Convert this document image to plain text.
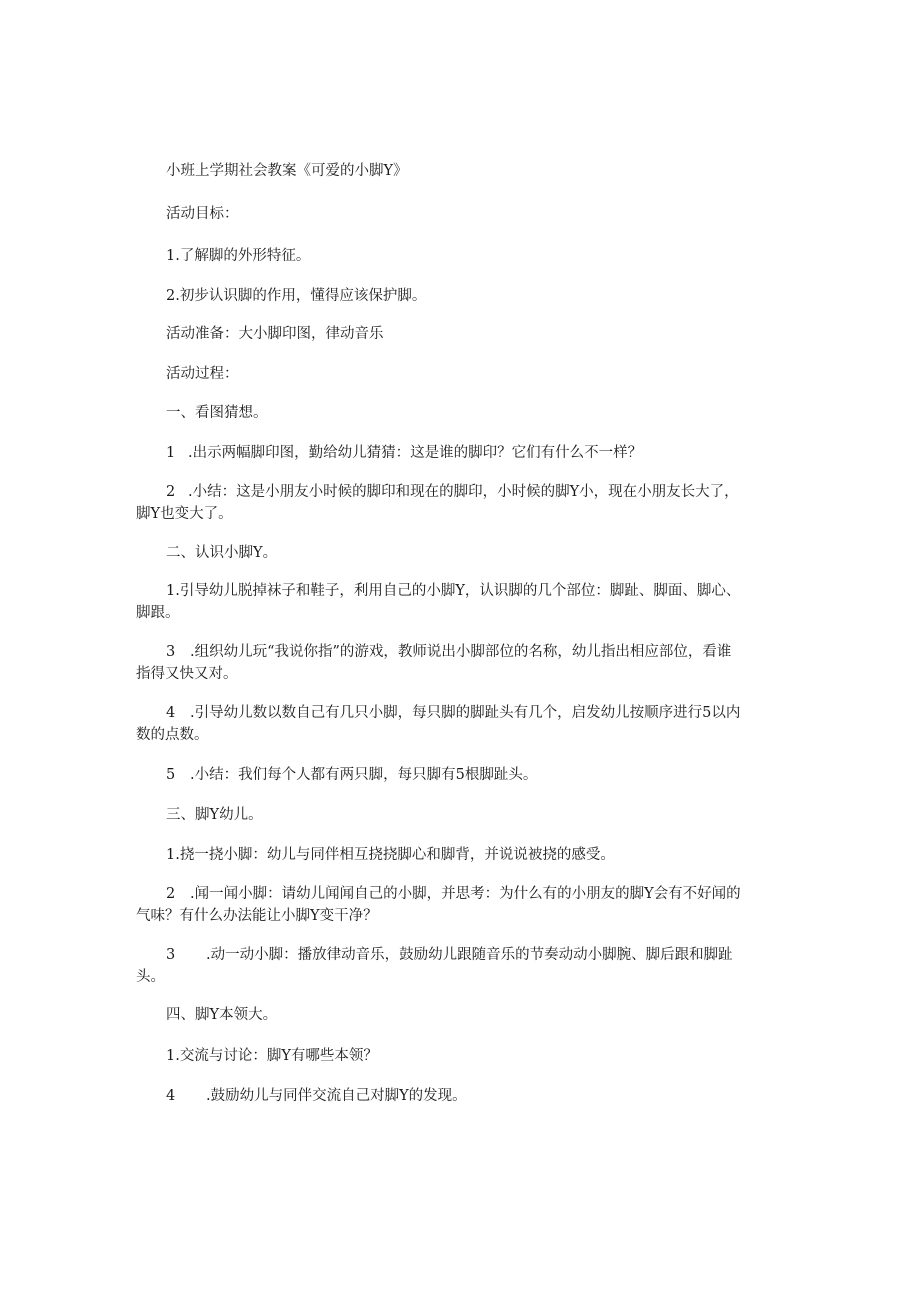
小班上学期社会教案《可爱的小脚Y》
活动目标：
1.了解脚的外形特征。
2.初步认识脚的作用，懂得应该保护脚。
活动准备：大小脚印图，律动音乐
活动过程：
一、看图猜想。
1 .出示两幅脚印图，勤给幼儿猜猜：这是谁的脚印？它们有什么不一样？
2 .小结：这是小朋友小时候的脚印和现在的脚印，小时候的脚Y小，现在小朋友长大了，
脚Y也变大了。
二、认识小脚Y。
1.引导幼儿脱掉袜子和鞋子，利用自己的小脚Y，认识脚的几个部位：脚趾、脚面、脚心、
脚跟。
3 .组织幼儿玩“我说你指”的游戏，教师说出小脚部位的名称，幼儿指出相应部位，看谁
指得又快又对。
4 .引导幼儿数以数自己有几只小脚，每只脚的脚趾头有几个，启发幼儿按顺序进行5以内
数的点数。
5 .小结：我们每个人都有两只脚，每只脚有5根脚趾头。
三、脚Y幼儿。
1.挠一挠小脚：幼儿与同伴相互挠挠脚心和脚背，并说说被挠的感受。
2 .闻一闻小脚：请幼儿闻闻自己的小脚，并思考：为什么有的小朋友的脚Y会有不好闻的
气味？有什么办法能让小脚Y变干净？
3 .动一动小脚：播放律动音乐，鼓励幼儿跟随音乐的节奏动动小脚腕、脚后跟和脚趾
头。
四、脚Y本领大。
1.交流与讨论：脚Y有哪些本领？
4 .鼓励幼儿与同伴交流自己对脚Y的发现。
